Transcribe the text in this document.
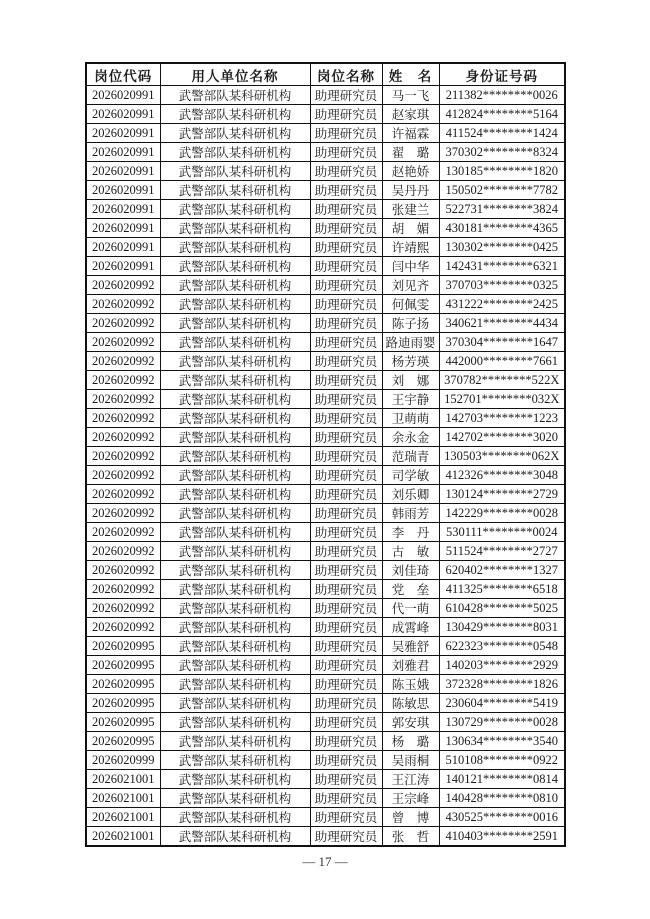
岗位代码	用人单位名称	岗位名称	姓　名	身份证号码
2026020991	武警部队某科研机构	助理研究员	马一飞	211382********0026
2026020991	武警部队某科研机构	助理研究员	赵家琪	412824********5164
2026020991	武警部队某科研机构	助理研究员	许福霖	411524********1424
2026020991	武警部队某科研机构	助理研究员	翟　璐	370302********8324
2026020991	武警部队某科研机构	助理研究员	赵艳娇	130185********1820
2026020991	武警部队某科研机构	助理研究员	吴丹丹	150502********7782
2026020991	武警部队某科研机构	助理研究员	张建兰	522731********3824
2026020991	武警部队某科研机构	助理研究员	胡　媚	430181********4365
2026020991	武警部队某科研机构	助理研究员	许靖熙	130302********0425
2026020991	武警部队某科研机构	助理研究员	闫中华	142431********6321
2026020992	武警部队某科研机构	助理研究员	刘见齐	370703********0325
2026020992	武警部队某科研机构	助理研究员	何佩雯	431222********2425
2026020992	武警部队某科研机构	助理研究员	陈子扬	340621********4434
2026020992	武警部队某科研机构	助理研究员	路迪雨婴	370304********1647
2026020992	武警部队某科研机构	助理研究员	杨芳瑛	442000********7661
2026020992	武警部队某科研机构	助理研究员	刘　娜	370782********522X
2026020992	武警部队某科研机构	助理研究员	王宇静	152701********032X
2026020992	武警部队某科研机构	助理研究员	卫萌萌	142703********1223
2026020992	武警部队某科研机构	助理研究员	余永金	142702********3020
2026020992	武警部队某科研机构	助理研究员	范瑞青	130503********062X
2026020992	武警部队某科研机构	助理研究员	司学敏	412326********3048
2026020992	武警部队某科研机构	助理研究员	刘乐卿	130124********2729
2026020992	武警部队某科研机构	助理研究员	韩雨芳	142229********0028
2026020992	武警部队某科研机构	助理研究员	李　丹	530111********0024
2026020992	武警部队某科研机构	助理研究员	古　敏	511524********2727
2026020992	武警部队某科研机构	助理研究员	刘佳琦	620402********1327
2026020992	武警部队某科研机构	助理研究员	党　垒	411325********6518
2026020992	武警部队某科研机构	助理研究员	代一萌	610428********5025
2026020992	武警部队某科研机构	助理研究员	成霄峰	130429********8031
2026020995	武警部队某科研机构	助理研究员	吴雅舒	622323********0548
2026020995	武警部队某科研机构	助理研究员	刘雅君	140203********2929
2026020995	武警部队某科研机构	助理研究员	陈玉娥	372328********1826
2026020995	武警部队某科研机构	助理研究员	陈敏思	230604********5419
2026020995	武警部队某科研机构	助理研究员	郭安琪	130729********0028
2026020995	武警部队某科研机构	助理研究员	杨　璐	130634********3540
2026020999	武警部队某科研机构	助理研究员	吴雨桐	510108********0922
2026021001	武警部队某科研机构	助理研究员	王江涛	140121********0814
2026021001	武警部队某科研机构	助理研究员	王宗峰	140428********0810
2026021001	武警部队某科研机构	助理研究员	曾　博	430525********0016
2026021001	武警部队某科研机构	助理研究员	张　哲	410403********2591
— 17 —
